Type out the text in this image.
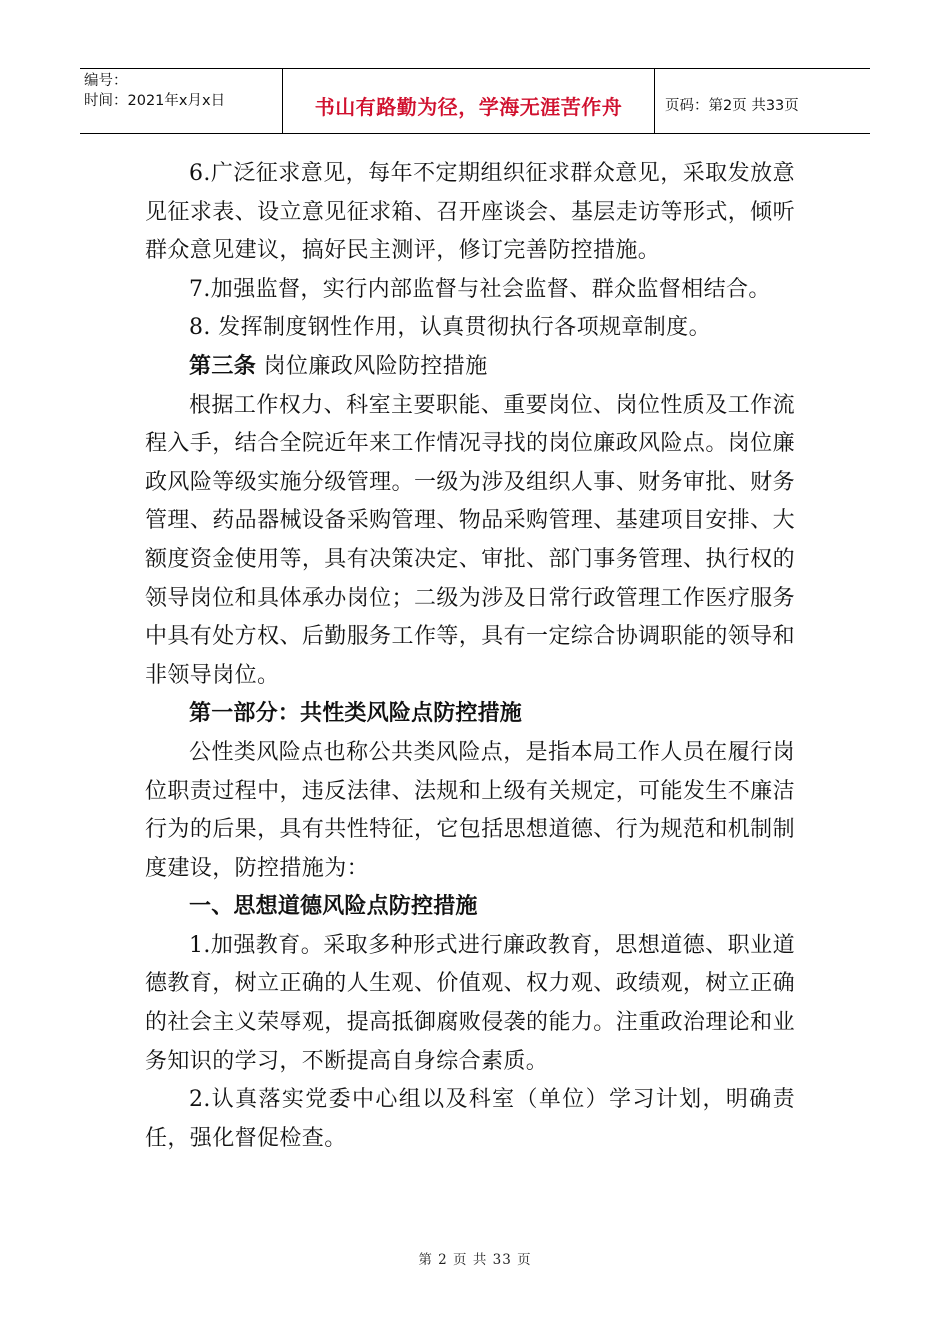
编号：
时间：2021年x月x日	书山有路勤为径，学海无涯苦作舟	页码：第2页 共33页

6.广泛征求意见，每年不定期组织征求群众意见，采取发放意见征求表、设立意见征求箱、召开座谈会、基层走访等形式，倾听群众意见建议，搞好民主测评，修订完善防控措施。

7.加强监督，实行内部监督与社会监督、群众监督相结合。

8. 发挥制度钢性作用，认真贯彻执行各项规章制度。

第三条 岗位廉政风险防控措施

根据工作权力、科室主要职能、重要岗位、岗位性质及工作流程入手，结合全院近年来工作情况寻找的岗位廉政风险点。岗位廉政风险等级实施分级管理。一级为涉及组织人事、财务审批、财务管理、药品器械设备采购管理、物品采购管理、基建项目安排、大额度资金使用等，具有决策决定、审批、部门事务管理、执行权的领导岗位和具体承办岗位；二级为涉及日常行政管理工作医疗服务中具有处方权、后勤服务工作等，具有一定综合协调职能的领导和非领导岗位。

第一部分：共性类风险点防控措施

公性类风险点也称公共类风险点，是指本局工作人员在履行岗位职责过程中，违反法律、法规和上级有关规定，可能发生不廉洁行为的后果，具有共性特征，它包括思想道德、行为规范和机制制度建设，防控措施为：

一、思想道德风险点防控措施

1.加强教育。采取多种形式进行廉政教育，思想道德、职业道德教育，树立正确的人生观、价值观、权力观、政绩观，树立正确的社会主义荣辱观，提高抵御腐败侵袭的能力。注重政治理论和业务知识的学习，不断提高自身综合素质。

2.认真落实党委中心组以及科室（单位）学习计划，明确责任，强化督促检查。

第 2 页 共 33 页
